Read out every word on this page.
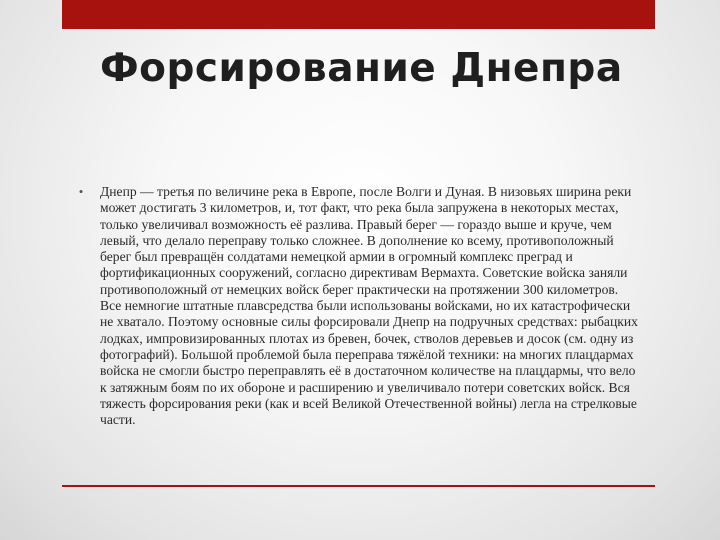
Форсирование Днепра
•	Днепр — третья по величине река в Европе, после Волги и Дуная. В низовьях ширина реки может достигать 3 километров, и, тот факт, что река была запружена в некоторых местах, только увеличивал возможность её разлива. Правый берег — гораздо выше и круче, чем левый, что делало переправу только сложнее. В дополнение ко всему, противоположный берег был превращён солдатами немецкой армии в огромный комплекс преград и фортификационных сооружений, согласно директивам Вермахта. Советские войска заняли противоположный от немецких войск берег практически на протяжении 300 километров. Все немногие штатные плавсредства были использованы войсками, но их катастрофически не хватало. Поэтому основные силы форсировали Днепр на подручных средствах: рыбацких лодках, импровизированных плотах из бревен, бочек, стволов деревьев и досок (см. одну из фотографий). Большой проблемой была переправа тяжёлой техники: на многих плацдармах войска не смогли быстро переправлять её в достаточном количестве на плацдармы, что вело к затяжным боям по их обороне и расширению и увеличивало потери советских войск. Вся тяжесть форсирования реки (как и всей Великой Отечественной войны) легла на стрелковые части.
